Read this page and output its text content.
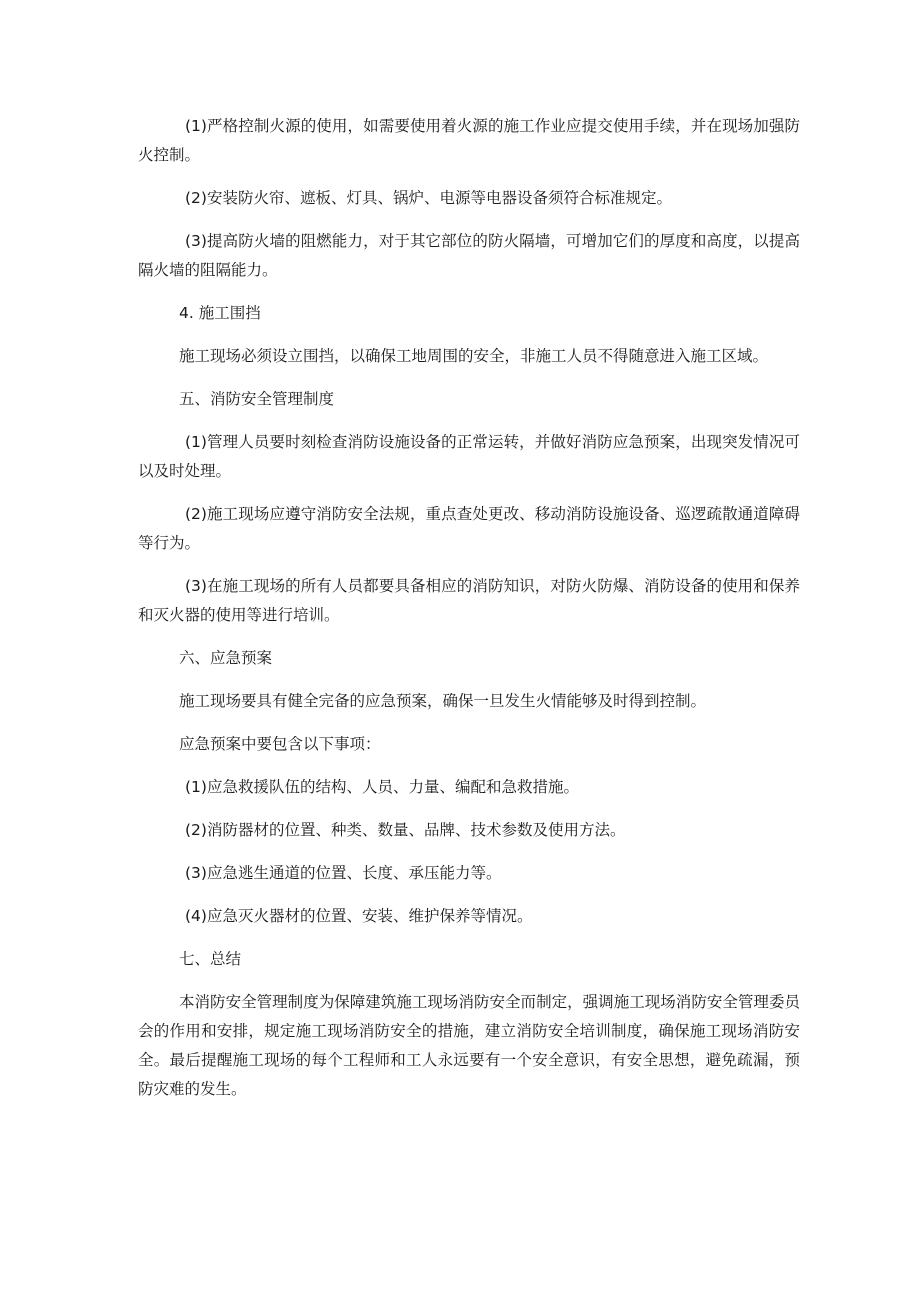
(1)严格控制火源的使用，如需要使用着火源的施工作业应提交使用手续，并在现场加强防火控制。

(2)安装防火帘、遮板、灯具、锅炉、电源等电器设备须符合标准规定。

(3)提高防火墙的阻燃能力，对于其它部位的防火隔墙，可增加它们的厚度和高度，以提高隔火墙的阻隔能力。

4. 施工围挡

施工现场必须设立围挡，以确保工地周围的安全，非施工人员不得随意进入施工区域。

五、消防安全管理制度

(1)管理人员要时刻检查消防设施设备的正常运转，并做好消防应急预案，出现突发情况可以及时处理。

(2)施工现场应遵守消防安全法规，重点查处更改、移动消防设施设备、巡逻疏散通道障碍等行为。

(3)在施工现场的所有人员都要具备相应的消防知识，对防火防爆、消防设备的使用和保养和灭火器的使用等进行培训。

六、应急预案

施工现场要具有健全完备的应急预案，确保一旦发生火情能够及时得到控制。

应急预案中要包含以下事项：

(1)应急救援队伍的结构、人员、力量、编配和急救措施。

(2)消防器材的位置、种类、数量、品牌、技术参数及使用方法。

(3)应急逃生通道的位置、长度、承压能力等。

(4)应急灭火器材的位置、安装、维护保养等情况。

七、总结

本消防安全管理制度为保障建筑施工现场消防安全而制定，强调施工现场消防安全管理委员会的作用和安排，规定施工现场消防安全的措施，建立消防安全培训制度，确保施工现场消防安全。最后提醒施工现场的每个工程师和工人永远要有一个安全意识，有安全思想，避免疏漏，预防灾难的发生。
